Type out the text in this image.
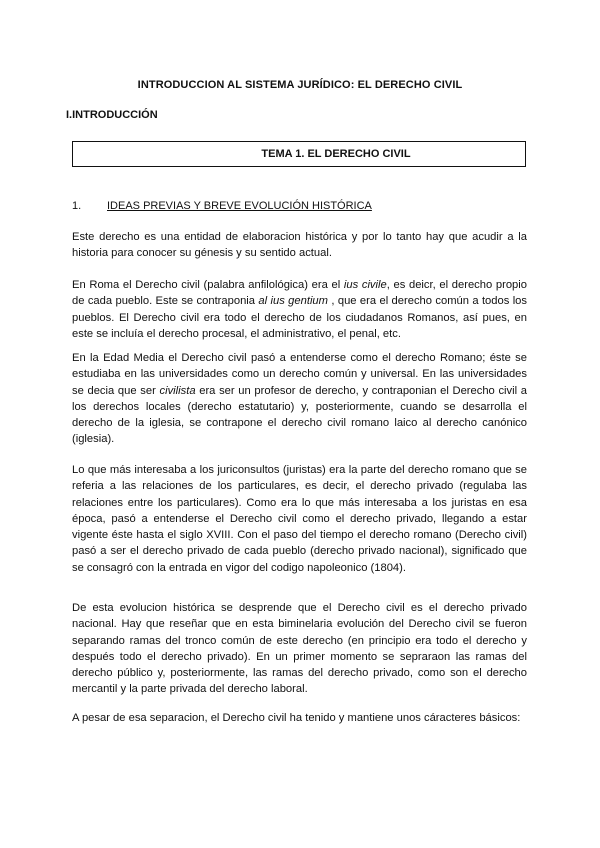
INTRODUCCION AL SISTEMA JURÍDICO: EL DERECHO CIVIL
I.INTRODUCCIÓN
TEMA 1. EL DERECHO CIVIL
1. IDEAS PREVIAS Y BREVE EVOLUCIÓN HISTÓRICA

Este derecho es una entidad de elaboracion histórica y por lo tanto hay que acudir a la historia para conocer su génesis y su sentido actual.

En Roma el Derecho civil (palabra anfilológica) era el ius civile, es deicr, el derecho propio de cada pueblo. Este se contraponia al ius gentium , que era el derecho común a todos los pueblos. El Derecho civil era todo el derecho de los ciudadanos Romanos, así pues, en este se incluía el derecho procesal, el administrativo, el penal, etc.

En la Edad Media el Derecho civil pasó a entenderse como el derecho Romano; éste se estudiaba en las universidades como un derecho común y universal. En las universidades se decia que ser civilista era ser un profesor de derecho, y contraponian el Derecho civil a los derechos locales (derecho estatutario) y, posteriormente, cuando se desarrolla el derecho de la iglesia, se contrapone el derecho civil romano laico al derecho canónico (iglesia).

Lo que más interesaba a los juriconsultos (juristas) era la parte del derecho romano que se referia a las relaciones de los particulares, es decir, el derecho privado (regulaba las relaciones entre los particulares). Como era lo que más interesaba a los juristas en esa época, pasó a entenderse el Derecho civil como el derecho privado, llegando a estar vigente éste hasta el siglo XVIII. Con el paso del tiempo el derecho romano (Derecho civil) pasó a ser el derecho privado de cada pueblo (derecho privado nacional), significado que se consagró con la entrada en vigor del codigo napoleonico (1804).

De esta evolucion histórica se desprende que el Derecho civil es el derecho privado nacional. Hay que reseñar que en esta biminelaria evolución del Derecho civil se fueron separando ramas del tronco común de este derecho (en principio era todo el derecho y después todo el derecho privado). En un primer momento se sepraraon las ramas del derecho público y, posteriormente, las ramas del derecho privado, como son el derecho mercantil y la parte privada del derecho laboral.

A pesar de esa separacion, el Derecho civil ha tenido y mantiene unos cáracteres básicos:
